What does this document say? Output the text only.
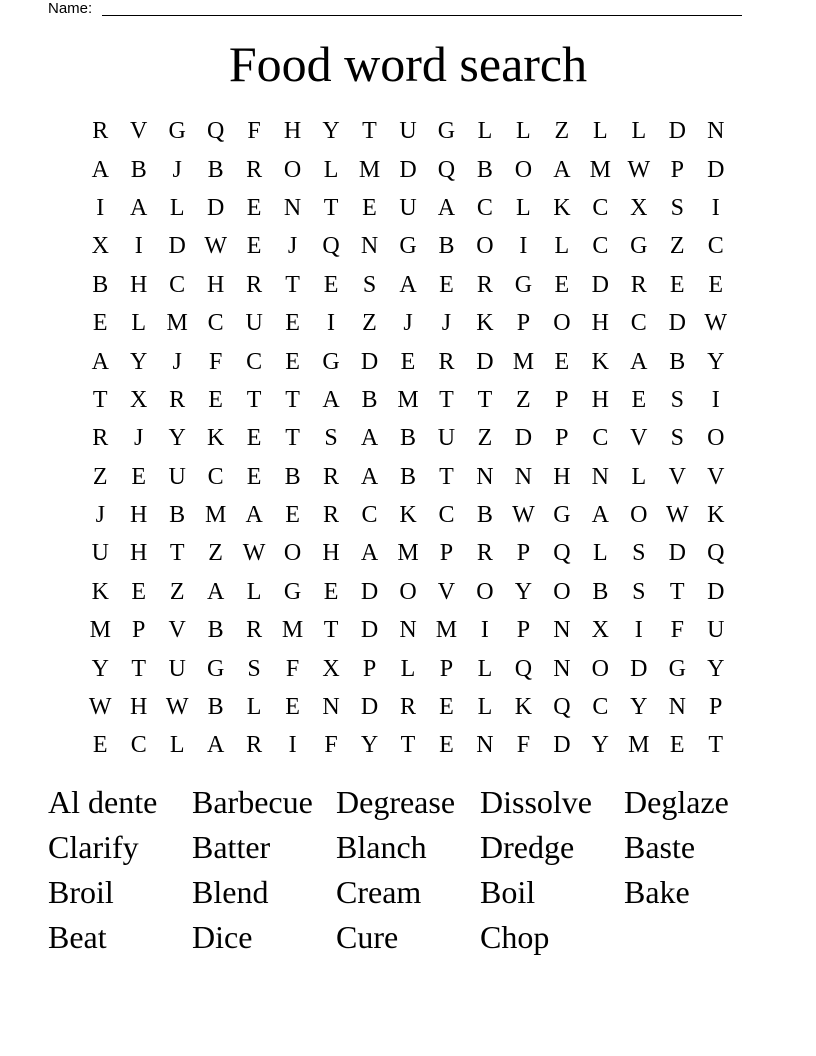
Name:
Food word search
R V G Q F H Y T U G L L Z L L D N
A B	J	B R O L M D Q B O A M W P D
I	A L D E N T E U A C L K C X S	I
X	I	D W E	J	Q N G B O	I	L C G Z C
B H C H R T E	S A E R G E D R E E
E L M C U E	I	Z	J	J	K P O H C D W
A Y	J	F C E G D E R D M E K A B Y
T X R E T T A B M T T Z	P H E	S	I
R	J	Y K E T	S A B U Z D P C V S O
Z E U C E B R A B T N N H N L V V
J	H B M A E R C K C B W G A O W K
U H T Z W O H A M P R P Q L	S D Q
K E Z A L G E D O V O Y O B S	T D
M P V B R M T D N M I	P N X	I	F U
Y T U G S	F X P	L	P	L Q N O D G Y
W H W B L E N D R E L K Q C Y N P
E C L A R	I	F Y T E N F D Y M E T
Al dente	Barbecue Degrease Dissolve	Deglaze
Clarify	Batter	Blanch	Dredge	Baste
Broil	Blend	Cream	Boil	Bake
Beat	Dice	Cure	Chop
